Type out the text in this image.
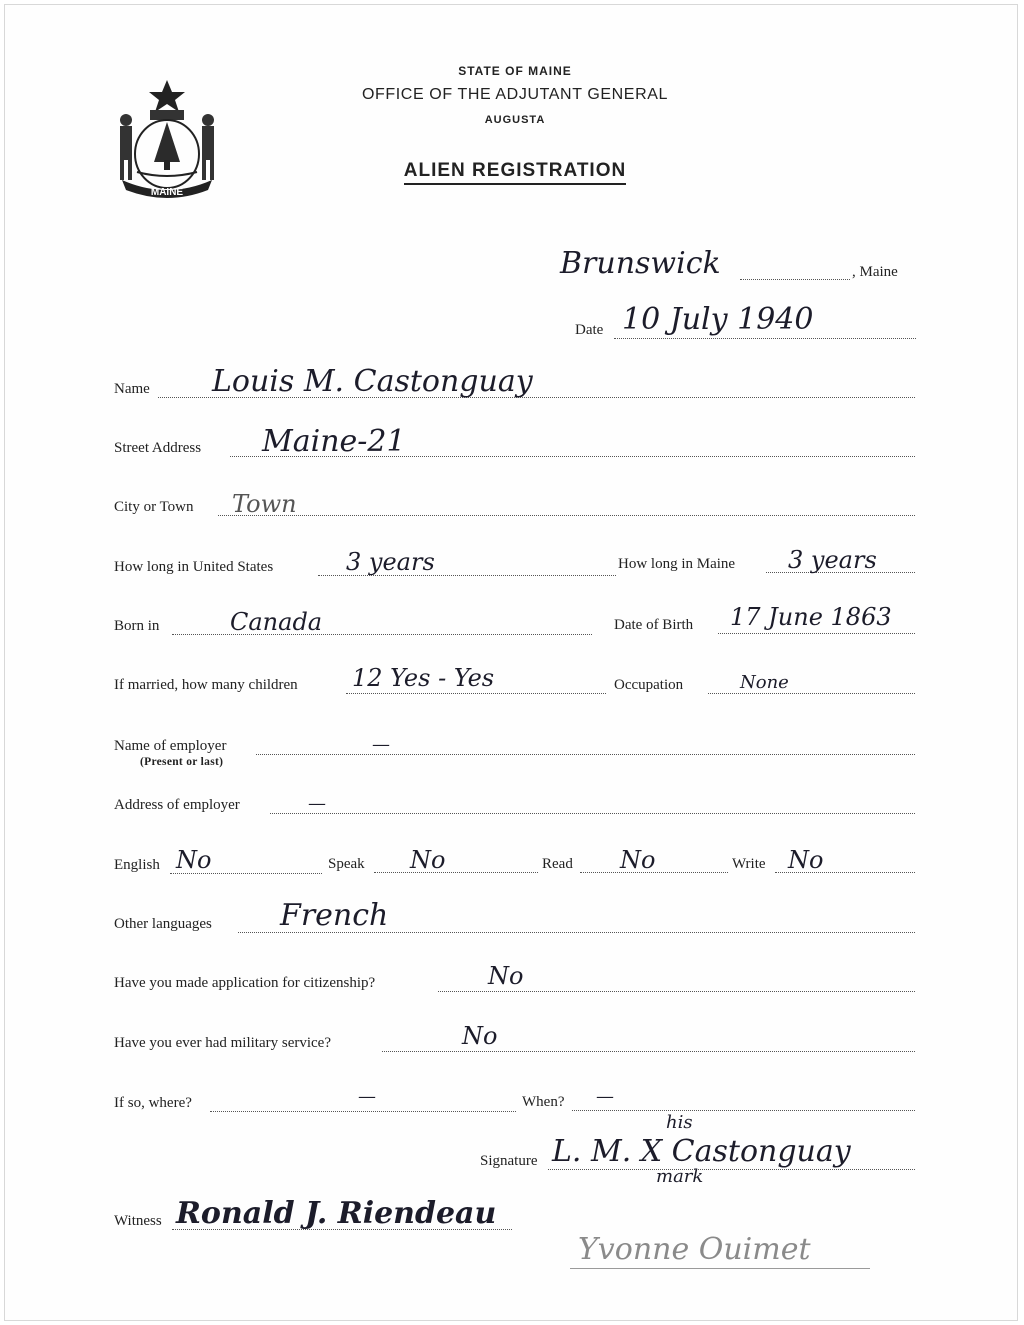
MAINE
STATE OF MAINE
OFFICE OF THE ADJUTANT GENERAL
AUGUSTA
ALIEN REGISTRATION
Brunswick	, Maine
Date 10 July 1940
Name Louis M. Castonguay
Street Address Maine-21
City or Town Town
How long in United States	3 years	How long in Maine 3 years
Born in	Canada	Date of Birth 17 June 1863
If married, how many children 12 Yes - Yes	Occupation	None
Name of employer
(Present or last)
—
Address of employer	—
English No	Speak No	Read No	Write No
Other languages French
Have you made application for citizenship?	No
Have you ever had military service?	No
If so, where?	—	When? —
Signature
his
L. M. X Castonguay
mark
Witness Ronald J. Riendeau
Yvonne Ouimet
